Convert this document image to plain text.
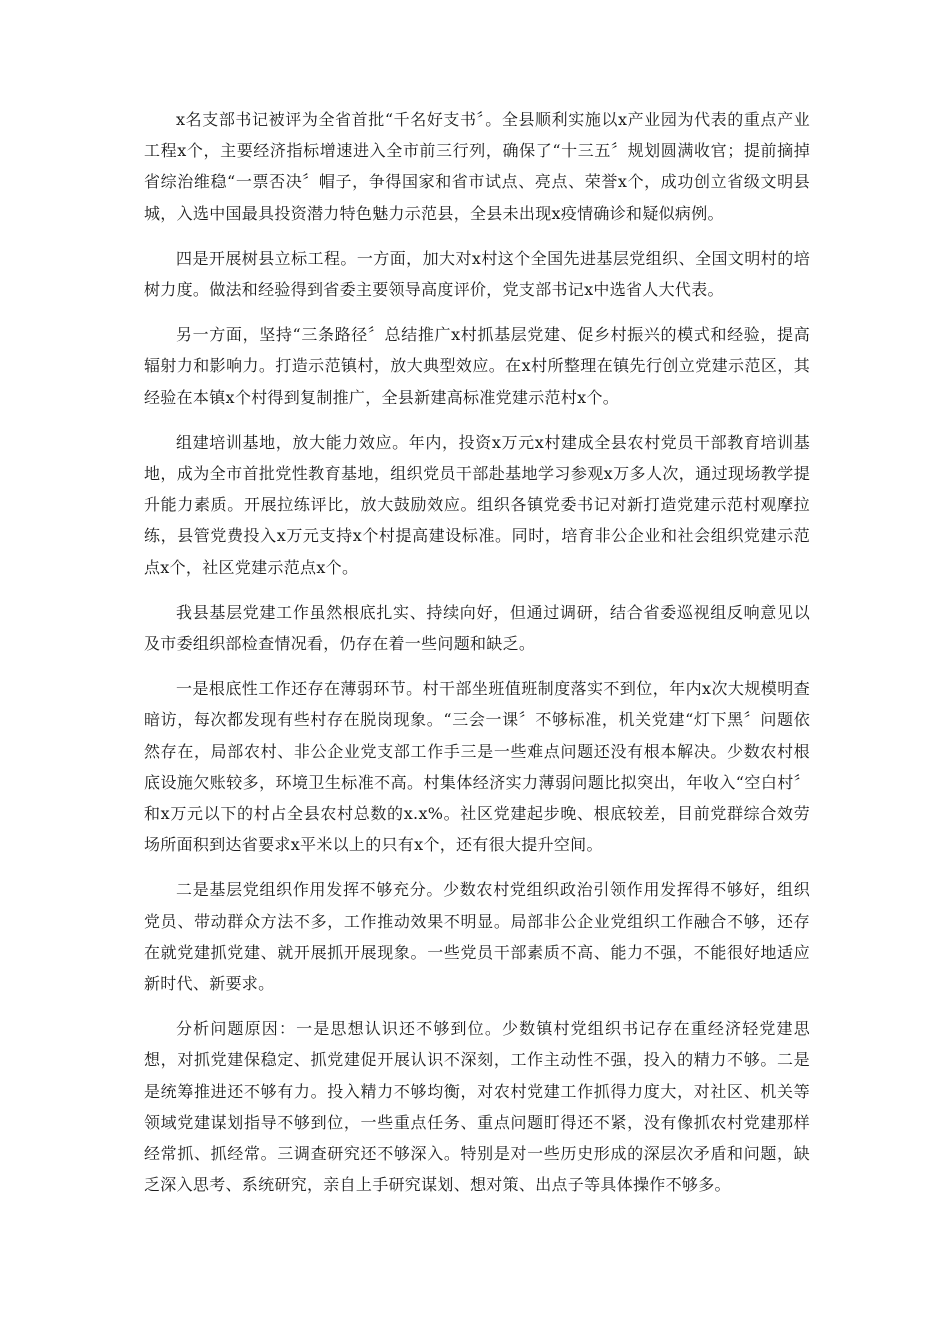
x名支部书记被评为全省首批“千名好支书〞。全县顺利实施以x产业园为代表的重点产业工程x个，主要经济指标增速进入全市前三行列，确保了“十三五〞规划圆满收官；提前摘掉省综治维稳“一票否决〞帽子，争得国家和省市试点、亮点、荣誉x个，成功创立省级文明县城，入选中国最具投资潜力特色魅力示范县，全县未出现x疫情确诊和疑似病例。

四是开展树县立标工程。一方面，加大对x村这个全国先进基层党组织、全国文明村的培树力度。做法和经验得到省委主要领导高度评价，党支部书记x中选省人大代表。

另一方面，坚持“三条路径〞总结推广x村抓基层党建、促乡村振兴的模式和经验，提高辐射力和影响力。打造示范镇村，放大典型效应。在x村所整理在镇先行创立党建示范区，其经验在本镇x个村得到复制推广，全县新建高标准党建示范村x个。

组建培训基地，放大能力效应。年内，投资x万元x村建成全县农村党员干部教育培训基地，成为全市首批党性教育基地，组织党员干部赴基地学习参观x万多人次，通过现场教学提升能力素质。开展拉练评比，放大鼓励效应。组织各镇党委书记对新打造党建示范村观摩拉练，县管党费投入x万元支持x个村提高建设标准。同时，培育非公企业和社会组织党建示范点x个，社区党建示范点x个。

我县基层党建工作虽然根底扎实、持续向好，但通过调研，结合省委巡视组反响意见以及市委组织部检查情况看，仍存在着一些问题和缺乏。

一是根底性工作还存在薄弱环节。村干部坐班值班制度落实不到位，年内x次大规模明查暗访，每次都发现有些村存在脱岗现象。“三会一课〞不够标准，机关党建“灯下黑〞问题依然存在，局部农村、非公企业党支部工作手三是一些难点问题还没有根本解决。少数农村根底设施欠账较多，环境卫生标准不高。村集体经济实力薄弱问题比拟突出，年收入“空白村〞和x万元以下的村占全县农村总数的x.x%。社区党建起步晚、根底较差，目前党群综合效劳场所面积到达省要求x平米以上的只有x个，还有很大提升空间。

二是基层党组织作用发挥不够充分。少数农村党组织政治引领作用发挥得不够好，组织党员、带动群众方法不多，工作推动效果不明显。局部非公企业党组织工作融合不够，还存在就党建抓党建、就开展抓开展现象。一些党员干部素质不高、能力不强，不能很好地适应新时代、新要求。

分析问题原因：一是思想认识还不够到位。少数镇村党组织书记存在重经济轻党建思想，对抓党建保稳定、抓党建促开展认识不深刻，工作主动性不强，投入的精力不够。二是是统筹推进还不够有力。投入精力不够均衡，对农村党建工作抓得力度大，对社区、机关等领域党建谋划指导不够到位，一些重点任务、重点问题盯得还不紧，没有像抓农村党建那样经常抓、抓经常。三调查研究还不够深入。特别是对一些历史形成的深层次矛盾和问题，缺乏深入思考、系统研究，亲自上手研究谋划、想对策、出点子等具体操作不够多。
